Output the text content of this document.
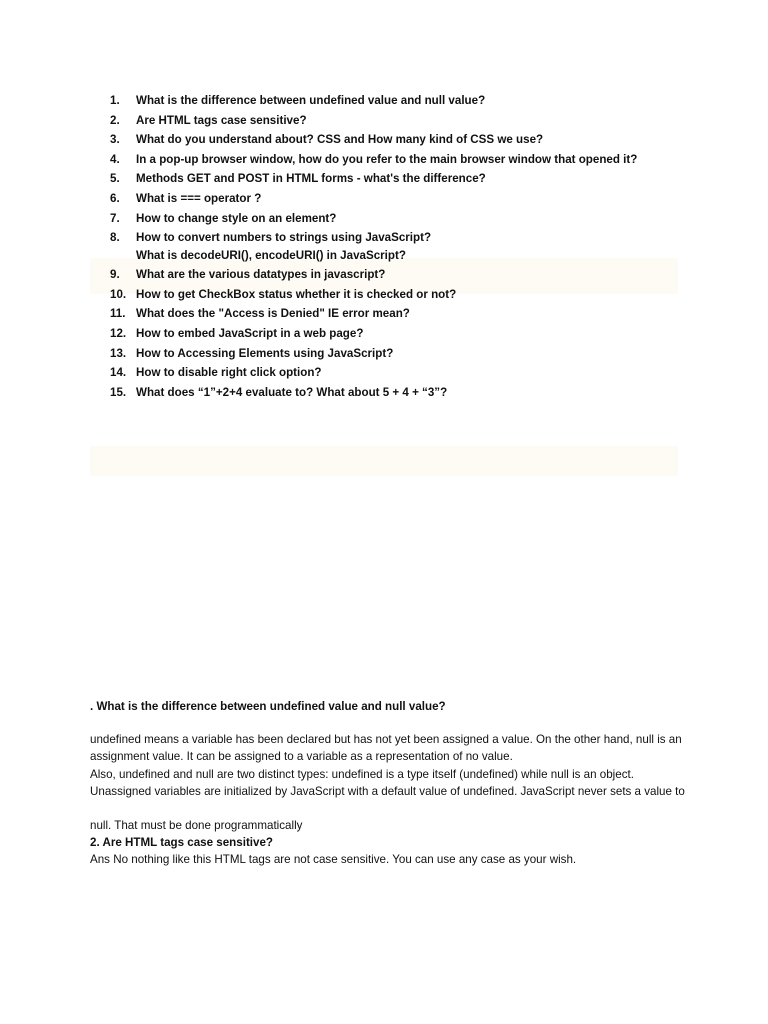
1.	What is the difference between undefined value and null value?
2.	Are HTML tags case sensitive?
3.	What do you understand about? CSS and How many kind of CSS we use?
4.	In a pop-up browser window, how do you refer to the main browser window that opened it?
5.	Methods GET and POST in HTML forms - what's the difference?
6.	What is === operator ?
7.	How to change style on an element?
8.	How to convert numbers to strings using JavaScript?
What is decodeURI(), encodeURI() in JavaScript?
9.	What are the various datatypes in javascript?
10. How to get CheckBox status whether it is checked or not?
11. What does the "Access is Denied" IE error mean?
12. How to embed JavaScript in a web page?
13. How to Accessing Elements using JavaScript?
14. How to disable right click option?
15. What does “1”+2+4 evaluate to? What about 5 + 4 + “3”?

. What is the difference between undefined value and null value?

undefined means a variable has been declared but has not yet been assigned a value. On the other hand, null is an assignment value. It can be assigned to a variable as a representation of no value.

Also, undefined and null are two distinct types: undefined is a type itself (undefined) while null is an object.

Unassigned variables are initialized by JavaScript with a default value of undefined. JavaScript never sets a value to

null. That must be done programmatically

2. Are HTML tags case sensitive?

Ans No nothing like this HTML tags are not case sensitive. You can use any case as your wish.
